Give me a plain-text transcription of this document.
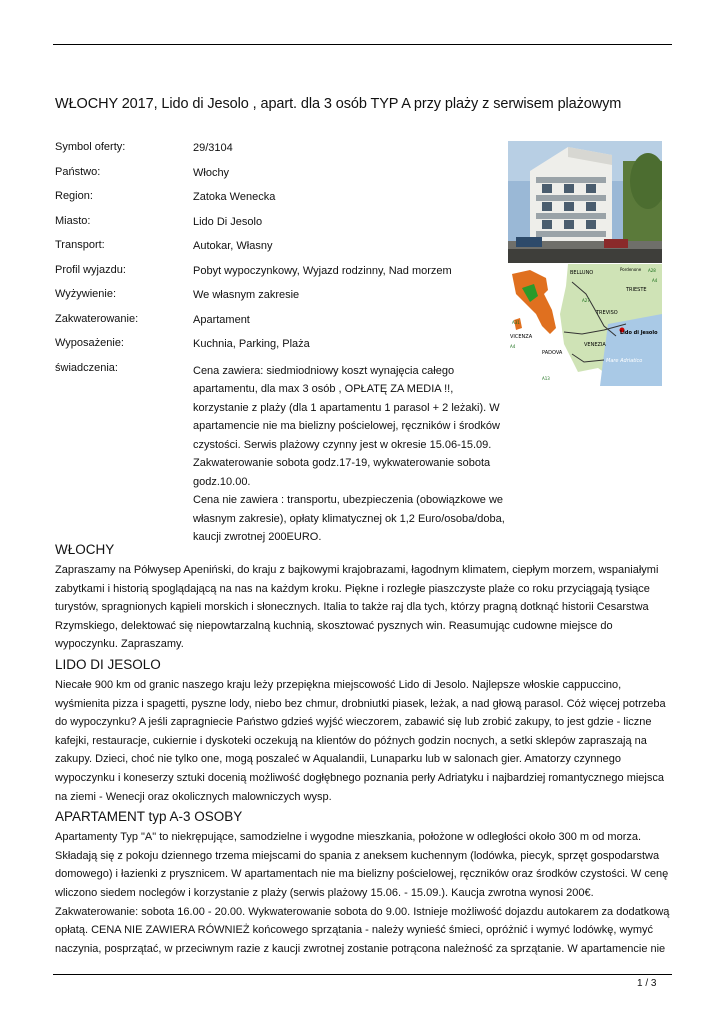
WŁOCHY 2017, Lido di Jesolo , apart. dla 3 osób TYP A przy plaży z serwisem plażowym
Symbol oferty:	29/3104
Państwo:	Włochy
Region:	Zatoka Wenecka
Miasto:	Lido Di Jesolo
Transport:	Autokar, Własny
Profil wyjazdu:	Pobyt wypoczynkowy, Wyjazd rodzinny, Nad morzem
Wyżywienie:	We własnym zakresie
Zakwaterowanie:	Apartament
Wyposażenie:	Kuchnia, Parking, Plaża
świadczenia:	Cena zawiera: siedmiodniowy koszt wynajęcia całego apartamentu, dla max 3 osób , OPŁATĘ ZA MEDIA !!, korzystanie z plaży (dla 1 apartamentu 1 parasol + 2 leżaki). W apartamencie nie ma bielizny pościelowej, ręczników i środków czystości. Serwis plażowy czynny jest w okresie 15.06-15.09. Zakwaterowanie sobota godz.17-19, wykwaterowanie sobota godz.10.00.
Cena nie zawiera : transportu, ubezpieczenia (obowiązkowe we własnym zakresie), opłaty klimatycznej ok 1,2 Euro/osoba/doba, kaucji zwrotnej 200EURO.
BELLUNO
Pordenone
TRIESTE
TREVISO
VICENZA
PADOVA
VENEZIA
Lido di Jesolo
Mare Adriatico
A27
A4
A4
A28
A31
A13
WŁOCHY
Zapraszamy na Półwysep Apeniński, do kraju z bajkowymi krajobrazami, łagodnym klimatem, ciepłym morzem, wspaniałymi zabytkami i historią spoglądającą na nas na każdym kroku. Piękne i rozległe piaszczyste plaże co roku przyciągają tysiące turystów, spragnionych kąpieli morskich i słonecznych. Italia to także raj dla tych, którzy pragną dotknąć historii Cesarstwa Rzymskiego, delektować się niepowtarzalną kuchnią, skosztować pysznych win. Reasumując cudowne miejsce do wypoczynku. Zapraszamy.
LIDO DI JESOLO
Niecałe 900 km od granic naszego kraju leży przepiękna miejscowość Lido di Jesolo. Najlepsze włoskie cappuccino, wyśmienita pizza i spagetti, pyszne lody, niebo bez chmur, drobniutki piasek, leżak, a nad głową parasol. Cóż więcej potrzeba do wypoczynku? A jeśli zapragniecie Państwo gdzieś wyjść wieczorem, zabawić się lub zrobić zakupy, to jest gdzie - liczne kafejki, restauracje, cukiernie i dyskoteki oczekują na klientów do późnych godzin nocnych, a setki sklepów zapraszają na zakupy. Dzieci, choć nie tylko one, mogą poszaleć w Aqualandii, Lunaparku lub w salonach gier. Amatorzy czynnego wypoczynku i koneserzy sztuki docenią możliwość dogłębnego poznania perły Adriatyku i najbardziej romantycznego miejsca na ziemi - Wenecji oraz okolicznych malowniczych wysp.
APARTAMENT typ A-3 OSOBY
Apartamenty Typ "A" to niekrępujące, samodzielne i wygodne mieszkania, położone w odległości około 300 m od morza. Składają się z pokoju dziennego trzema miejscami do spania z aneksem kuchennym (lodówka, piecyk, sprzęt gospodarstwa domowego) i łazienki z prysznicem. W apartamentach nie ma bielizny pościelowej, ręczników oraz środków czystości. W cenę wliczono siedem noclegów i korzystanie z plaży (serwis plażowy 15.06. - 15.09.). Kaucja zwrotna wynosi 200€. Zakwaterowanie: sobota 16.00 - 20.00. Wykwaterowanie sobota do 9.00. Istnieje możliwość dojazdu autokarem za dodatkową opłatą. CENA NIE ZAWIERA RÓWNIEŻ końcowego sprzątania - należy wynieść śmieci, opróżnić i wymyć lodówkę, wymyć naczynia, posprzątać, w przeciwnym razie z kaucji zwrotnej zostanie potrącona należność za sprzątanie. W apartamencie nie
1 / 3
